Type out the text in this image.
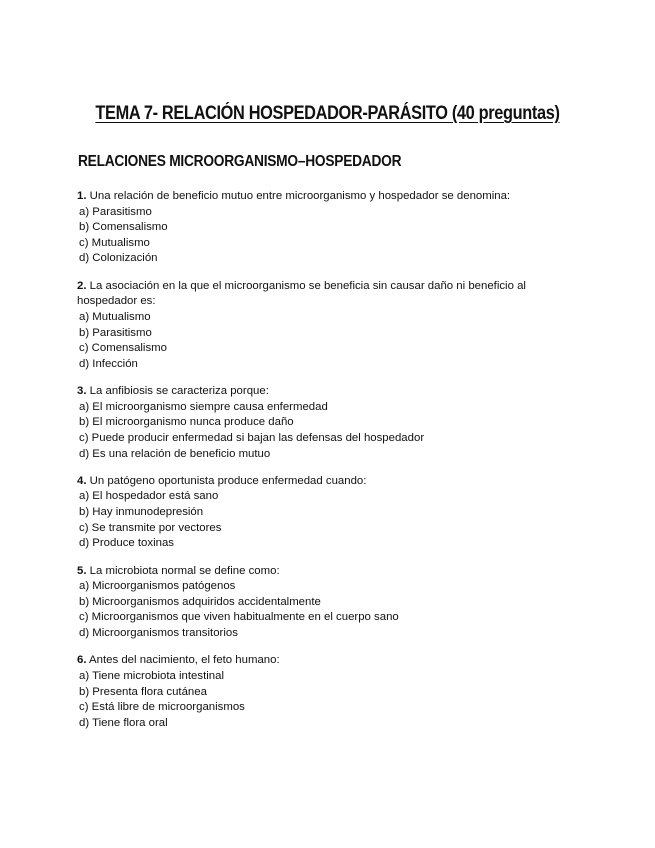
TEMA 7- RELACIÓN HOSPEDADOR-PARÁSITO (40 preguntas)
RELACIONES MICROORGANISMO–HOSPEDADOR
1. Una relación de beneficio mutuo entre microorganismo y hospedador se denomina:
a) Parasitismo
b) Comensalismo
c) Mutualismo
d) Colonización
2. La asociación en la que el microorganismo se beneficia sin causar daño ni beneficio al hospedador es:
a) Mutualismo
b) Parasitismo
c) Comensalismo
d) Infección
3. La anfibiosis se caracteriza porque:
a) El microorganismo siempre causa enfermedad
b) El microorganismo nunca produce daño
c) Puede producir enfermedad si bajan las defensas del hospedador
d) Es una relación de beneficio mutuo
4. Un patógeno oportunista produce enfermedad cuando:
a) El hospedador está sano
b) Hay inmunodepresión
c) Se transmite por vectores
d) Produce toxinas
5. La microbiota normal se define como:
a) Microorganismos patógenos
b) Microorganismos adquiridos accidentalmente
c) Microorganismos que viven habitualmente en el cuerpo sano
d) Microorganismos transitorios
6. Antes del nacimiento, el feto humano:
a) Tiene microbiota intestinal
b) Presenta flora cutánea
c) Está libre de microorganismos
d) Tiene flora oral
